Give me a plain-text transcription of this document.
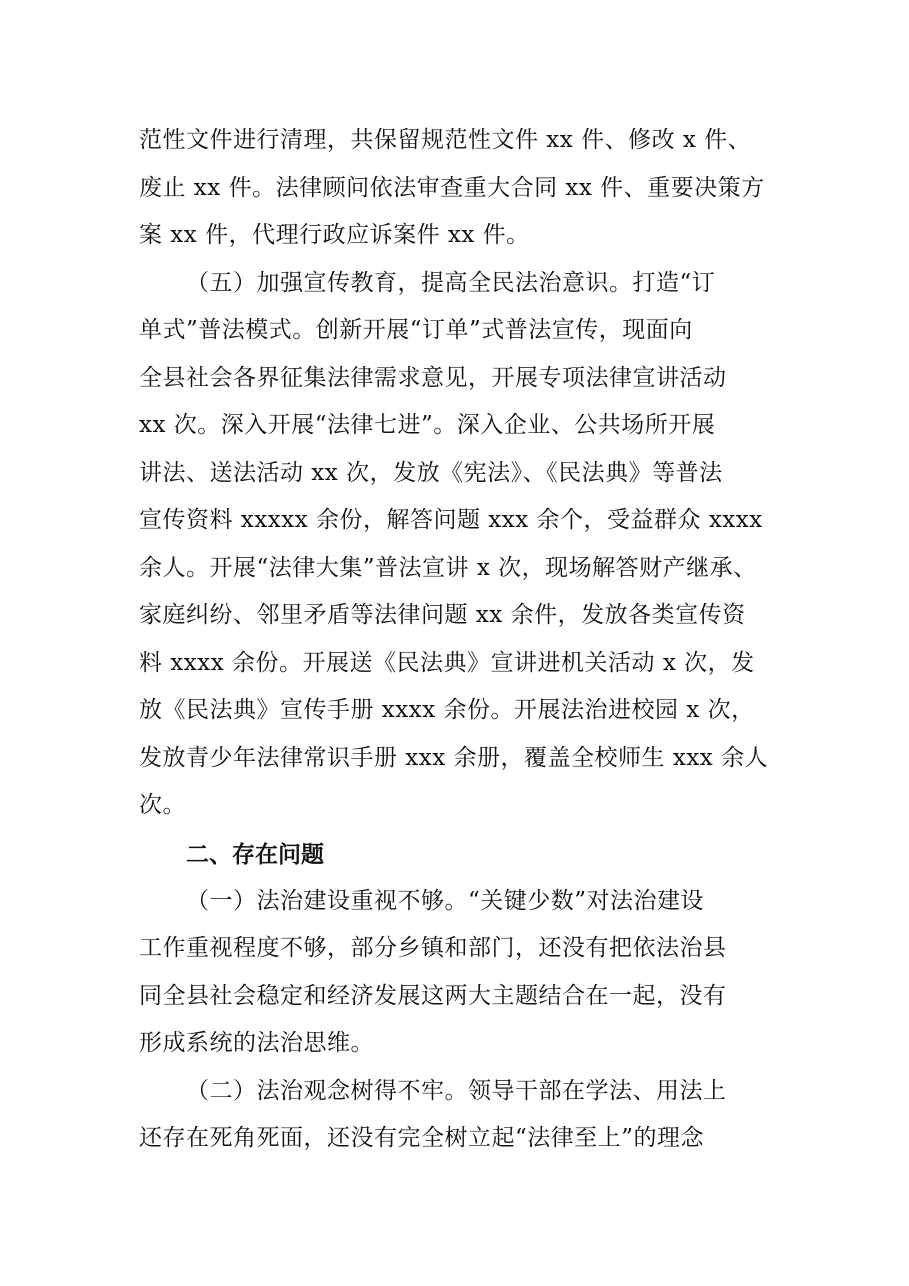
范性文件进行清理，共保留规范性文件 xx 件、修改 x 件、
废止 xx 件。法律顾问依法审查重大合同 xx 件、重要决策方
案 xx 件，代理行政应诉案件 xx 件。
（五）加强宣传教育，提高全民法治意识。打造“订
单式”普法模式。创新开展“订单”式普法宣传，现面向
全县社会各界征集法律需求意见，开展专项法律宣讲活动
xx 次。深入开展“法律七进”。深入企业、公共场所开展
讲法、送法活动 xx 次，发放《宪法》、《民法典》等普法
宣传资料 xxxxx 余份，解答问题 xxx 余个，受益群众 xxxx
余人。开展“法律大集”普法宣讲 x 次，现场解答财产继承、
家庭纠纷、邻里矛盾等法律问题 xx 余件，发放各类宣传资
料 xxxx 余份。开展送《民法典》宣讲进机关活动 x 次，发
放《民法典》宣传手册 xxxx 余份。开展法治进校园 x 次，
发放青少年法律常识手册 xxx 余册，覆盖全校师生 xxx 余人
次。
二、存在问题
（一）法治建设重视不够。“关键少数”对法治建设
工作重视程度不够，部分乡镇和部门，还没有把依法治县
同全县社会稳定和经济发展这两大主题结合在一起，没有
形成系统的法治思维。
（二）法治观念树得不牢。领导干部在学法、用法上
还存在死角死面，还没有完全树立起“法律至上”的理念
